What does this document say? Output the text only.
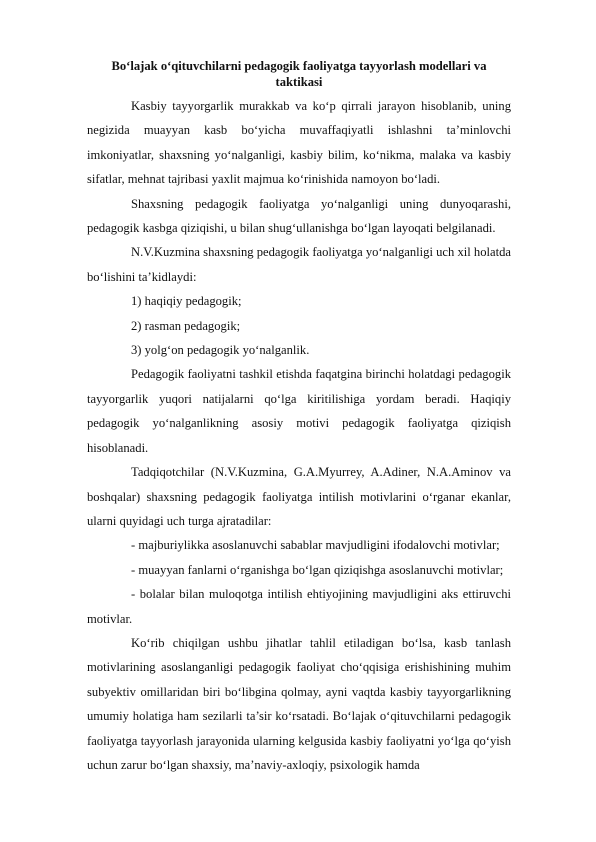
Bo‘lajak o‘qituvchilarni pedagogik faoliyatga tayyorlash modellari va taktikasi

Kasbiy tayyorgarlik murakkab va ko‘p qirrali jarayon hisoblanib, uning negizida muayyan kasb bo‘yicha muvaffaqiyatli ishlashni ta’minlovchi imkoniyatlar, shaxsning yo‘nalganligi, kasbiy bilim, ko‘nikma, malaka va kasbiy sifatlar, mehnat tajribasi yaxlit majmua ko‘rinishida namoyon bo‘ladi.

Shaxsning pedagogik faoliyatga yo‘nalganligi uning dunyoqarashi, pedagogik kasbga qiziqishi, u bilan shug‘ullanishga bo‘lgan layoqati belgilanadi.

N.V.Kuzmina shaxsning pedagogik faoliyatga yo‘nalganligi uch xil holatda bo‘lishini ta’kidlaydi:

1) haqiqiy pedagogik;
2) rasman pedagogik;
3) yolg‘on pedagogik yo‘nalganlik.

Pedagogik faoliyatni tashkil etishda faqatgina birinchi holatdagi pedagogik tayyorgarlik yuqori natijalarni qo‘lga kiritilishiga yordam beradi. Haqiqiy pedagogik yo‘nalganlikning asosiy motivi pedagogik faoliyatga qiziqish hisoblanadi.

Tadqiqotchilar (N.V.Kuzmina, G.A.Myurrey, A.Adiner, N.A.Aminov va boshqalar) shaxsning pedagogik faoliyatga intilish motivlarini o‘rganar ekanlar, ularni quyidagi uch turga ajratadilar:

- majburiylikka asoslanuvchi sabablar mavjudligini ifodalovchi motivlar;
- muayyan fanlarni o‘rganishga bo‘lgan qiziqishga asoslanuvchi motivlar;

- bolalar bilan muloqotga intilish ehtiyojining mavjudligini aks ettiruvchi motivlar.

Ko‘rib chiqilgan ushbu jihatlar tahlil etiladigan bo‘lsa, kasb tanlash motivlarining asoslanganligi pedagogik faoliyat cho‘qqisiga erishishining muhim subyektiv omillaridan biri bo‘libgina qolmay, ayni vaqtda kasbiy tayyorgarlikning umumiy holatiga ham sezilarli ta’sir ko‘rsatadi. Bo‘lajak o‘qituvchilarni pedagogik faoliyatga tayyorlash jarayonida ularning kelgusida kasbiy faoliyatni yo‘lga qo‘yish uchun zarur bo‘lgan shaxsiy, ma’naviy-axloqiy, psixologik hamda
